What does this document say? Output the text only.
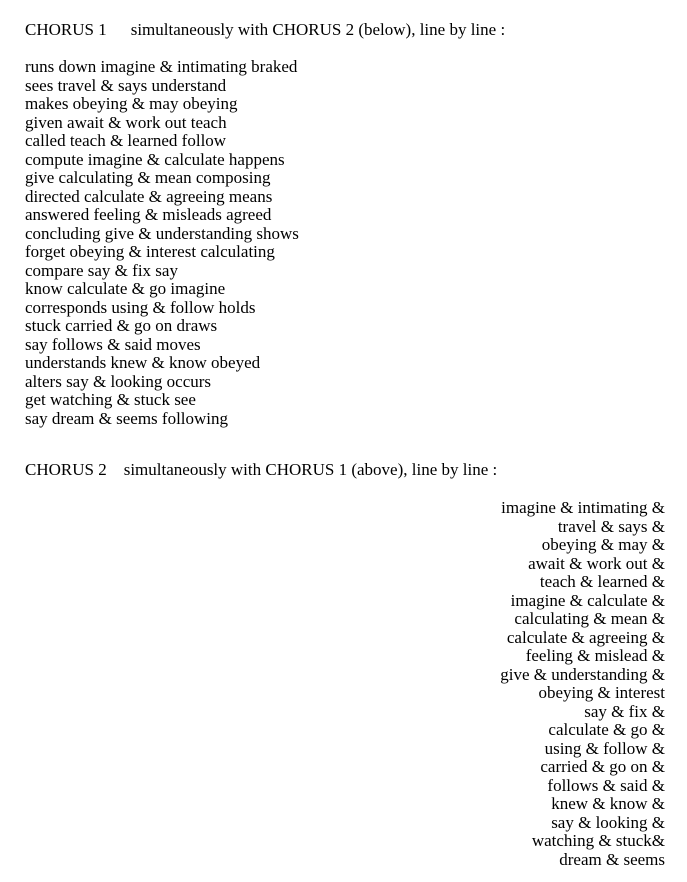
CHORUS 1 simultaneously with CHORUS 2 (below), line by line :
runs down imagine & intimating braked
sees travel & says understand
makes obeying & may obeying
given await & work out teach
called teach & learned follow
compute imagine & calculate happens
give calculating & mean composing
directed calculate & agreeing means
answered feeling & misleads agreed
concluding give & understanding shows
forget obeying & interest calculating
compare say & fix say
know calculate & go imagine
corresponds using & follow holds
stuck carried & go on draws
say follows & said moves
understands knew & know obeyed
alters say & looking occurs
get watching & stuck see
say dream & seems following
CHORUS 2 simultaneously with CHORUS 1 (above), line by line :
imagine & intimating &
travel & says &
obeying & may &
await & work out &
teach & learned &
imagine & calculate &
calculating & mean &
calculate & agreeing &
feeling & mislead &
give & understanding &
obeying & interest
say & fix &
calculate & go &
using & follow &
carried & go on &
follows & said &
knew & know &
say & looking &
watching & stuck&
dream & seems
